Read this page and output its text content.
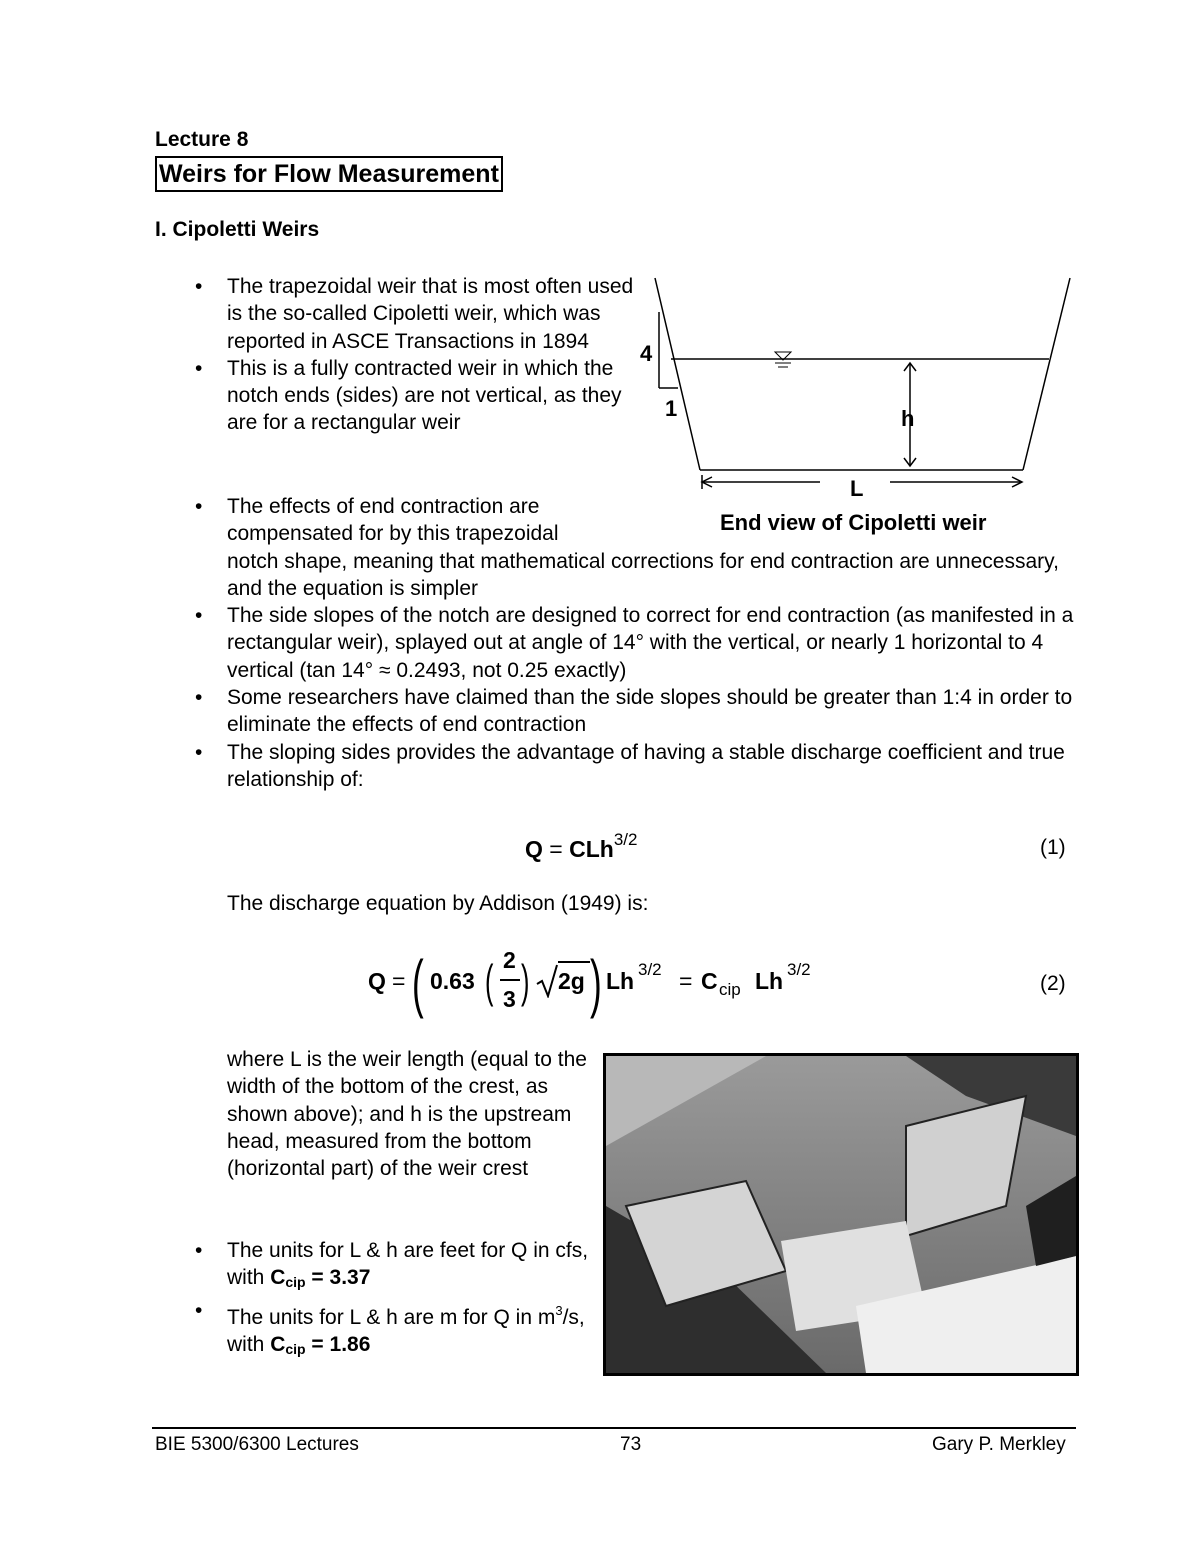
Lecture 8
Weirs for Flow Measurement
I. Cipoletti Weirs
• The trapezoidal weir that is most often used is the so-called Cipoletti weir, which was reported in ASCE Transactions in 1894
• This is a fully contracted weir in which the notch ends (sides) are not vertical, as they are for a rectangular weir
• The effects of end contraction are compensated for by this trapezoidal notch shape, meaning that mathematical corrections for end contraction are unnecessary, and the equation is simpler
• The side slopes of the notch are designed to correct for end contraction (as manifested in a rectangular weir), splayed out at angle of 14° with the vertical, or nearly 1 horizontal to 4 vertical (tan 14° ≈ 0.2493, not 0.25 exactly)
• Some researchers have claimed than the side slopes should be greater than 1:4 in order to eliminate the effects of end contraction
• The sloping sides provides the advantage of having a stable discharge coefficient and true relationship of:
4
1	h
L
End view of Cipoletti weir
Q = CLh$^{3/2}$	(1)
The discharge equation by Addison (1949) is:
Q = ( 0.63 ( 2
3 ) 2g ) Lh 3/2 = C cip Lh 3/2
(2)
where L is the weir length (equal to the width of the bottom of the crest, as shown above); and h is the upstream head, measured from the bottom (horizontal part) of the weir crest
• The units for L & h are feet for Q in cfs, with $C_{cip} = 3.37$
• The units for L & h are m for Q in $m^3/s$, with $C_{cip} = 1.86$
BIE 5300/6300 Lectures	73	Gary P. Merkley
